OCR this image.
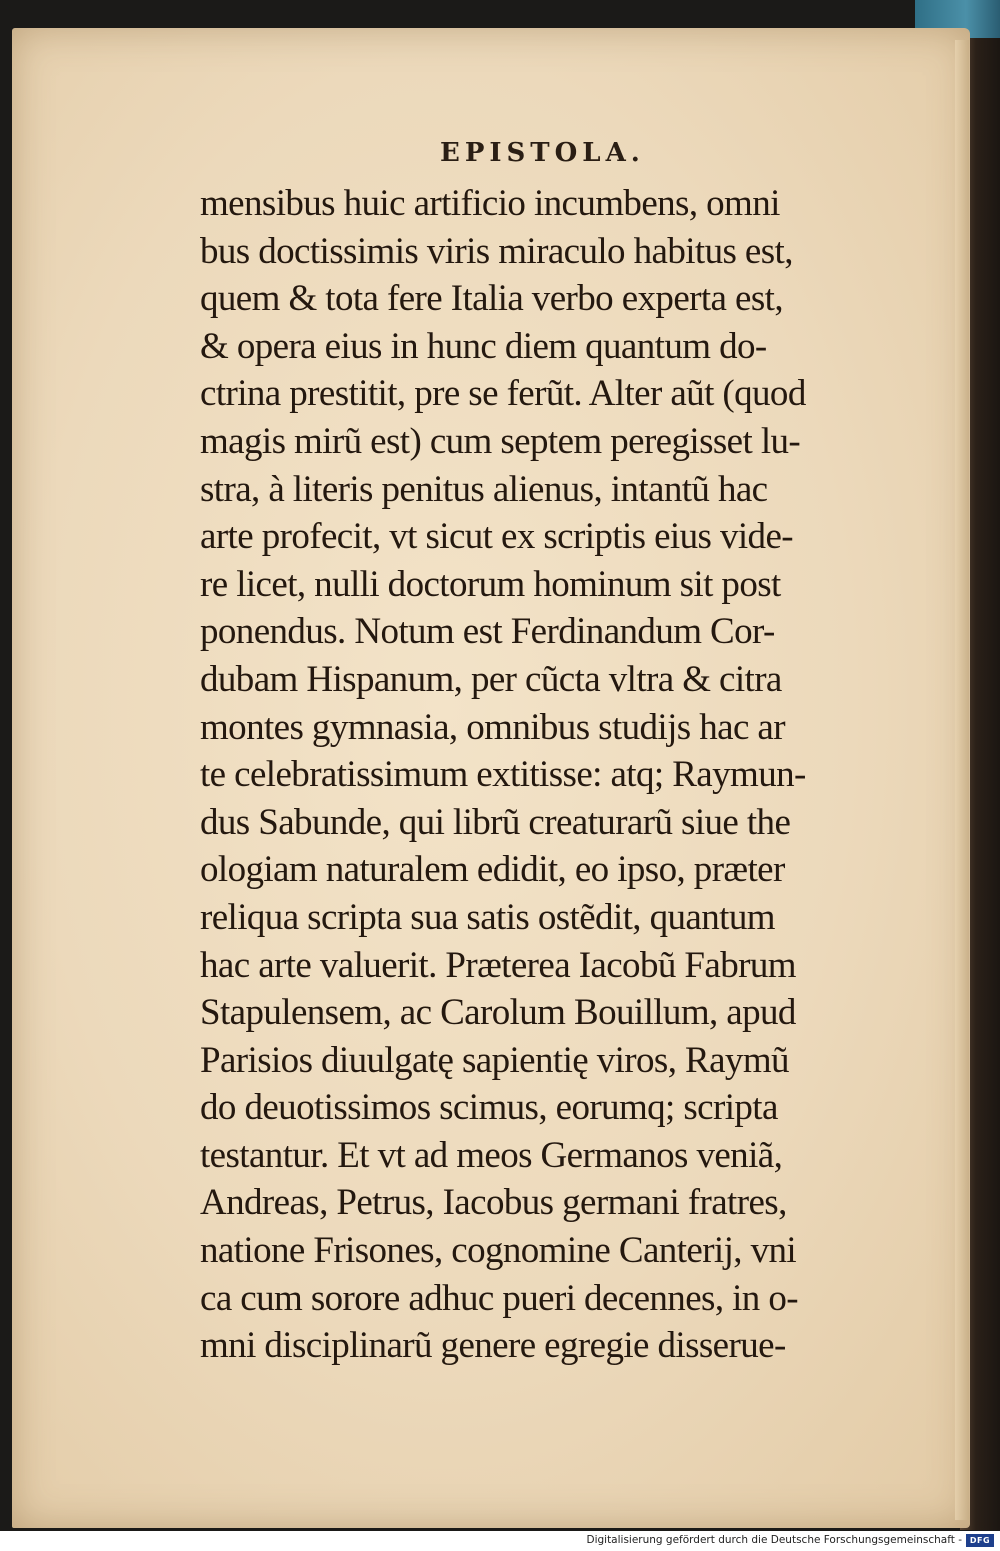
EPISTOLA.
mensibus huic artificio incumbens, omni
bus doctissimis viris miraculo habitus est,
quem & tota fere Italia verbo experta est,
& opera eius in hunc diem quantum do-
ctrina prestitit, pre se ferũt. Alter aũt (quod
magis mirũ est) cum septem peregisset lu-
stra, à literis penitus alienus, intantũ hac
arte profecit, vt sicut ex scriptis eius vide-
re licet, nulli doctorum hominum sit post
ponendus. Notum est Ferdinandum Cor-
dubam Hispanum, per cũcta vltra & citra
montes gymnasia, omnibus studijs hac ar
te celebratissimum extitisse: atq; Raymun-
dus Sabunde, qui librũ creaturarũ siue the
ologiam naturalem edidit, eo ipso, præter
reliqua scripta sua satis ostẽdit, quantum
hac arte valuerit. Præterea Iacobũ Fabrum
Stapulensem, ac Carolum Bouillum, apud
Parisios diuulgatę sapientię viros, Raymũ
do deuotissimos scimus, eorumq; scripta
testantur. Et vt ad meos Germanos veniã,
Andreas, Petrus, Iacobus germani fratres,
natione Frisones, cognomine Canterij, vni
ca cum sorore adhuc pueri decennes, in o-
mni disciplinarũ genere egregie disserue-
Digitalisierung gefördert durch die Deutsche Forschungsgemeinschaft - DFG
